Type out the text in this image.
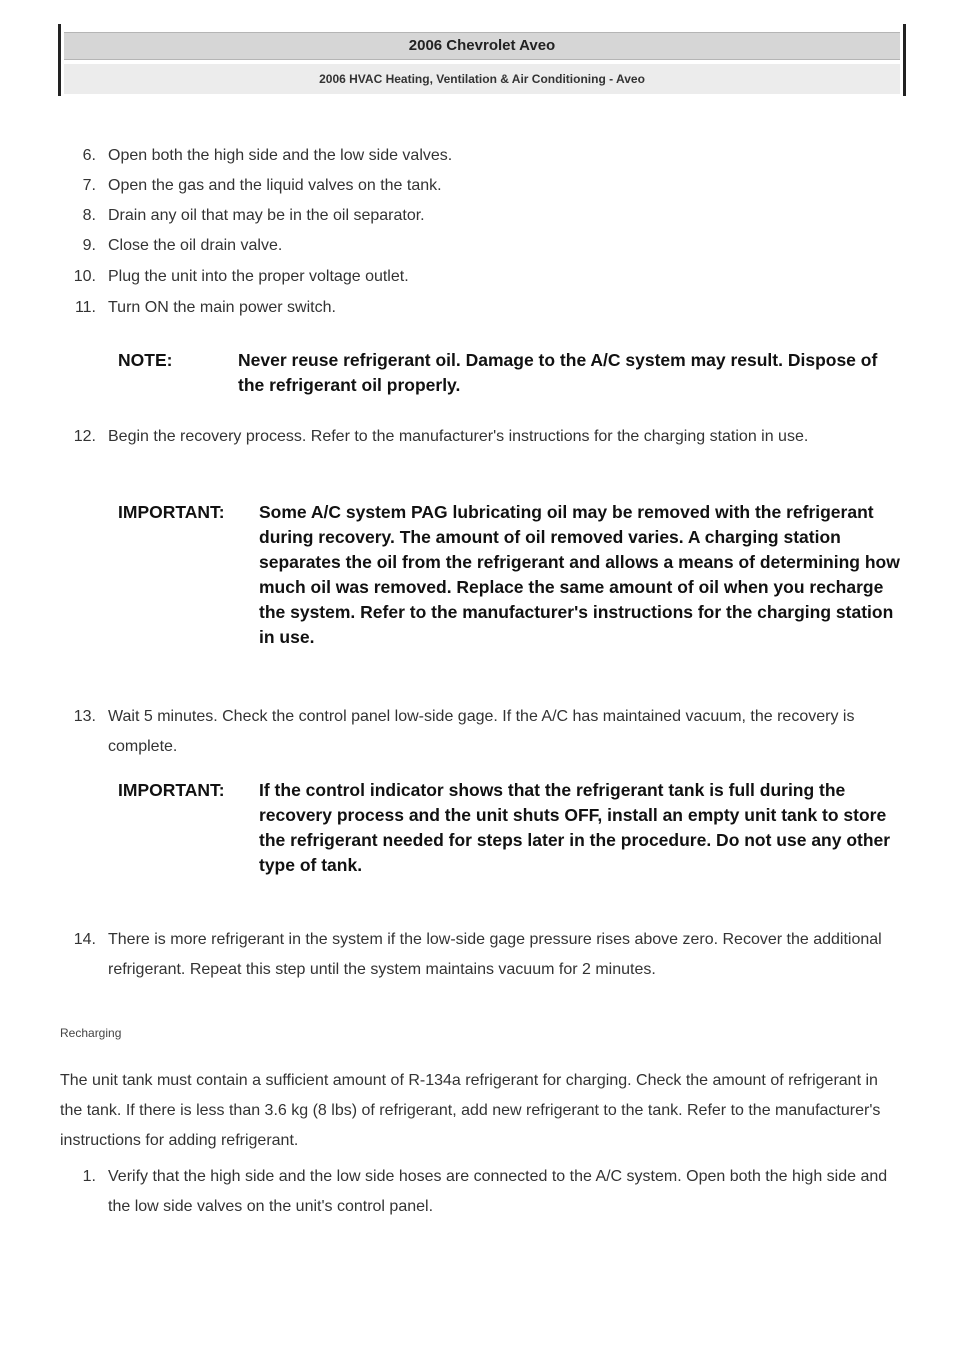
2006 Chevrolet Aveo
2006 HVAC Heating, Ventilation & Air Conditioning - Aveo
6. Open both the high side and the low side valves.
7. Open the gas and the liquid valves on the tank.
8. Drain any oil that may be in the oil separator.
9. Close the oil drain valve.
10. Plug the unit into the proper voltage outlet.
11. Turn ON the main power switch.
NOTE:	Never reuse refrigerant oil. Damage to the A/C system may result. Dispose of the refrigerant oil properly.
12. Begin the recovery process. Refer to the manufacturer's instructions for the charging station in use.
IMPORTANT: Some A/C system PAG lubricating oil may be removed with the refrigerant during recovery. The amount of oil removed varies. A charging station separates the oil from the refrigerant and allows a means of determining how much oil was removed. Replace the same amount of oil when you recharge the system. Refer to the manufacturer's instructions for the charging station in use.
13. Wait 5 minutes. Check the control panel low-side gage. If the A/C has maintained vacuum, the recovery is complete.
IMPORTANT: If the control indicator shows that the refrigerant tank is full during the recovery process and the unit shuts OFF, install an empty unit tank to store the refrigerant needed for steps later in the procedure. Do not use any other type of tank.
14. There is more refrigerant in the system if the low-side gage pressure rises above zero. Recover the additional refrigerant. Repeat this step until the system maintains vacuum for 2 minutes.
Recharging
The unit tank must contain a sufficient amount of R-134a refrigerant for charging. Check the amount of refrigerant in the tank. If there is less than 3.6 kg (8 lbs) of refrigerant, add new refrigerant to the tank. Refer to the manufacturer's instructions for adding refrigerant.
1. Verify that the high side and the low side hoses are connected to the A/C system. Open both the high side and the low side valves on the unit's control panel.
